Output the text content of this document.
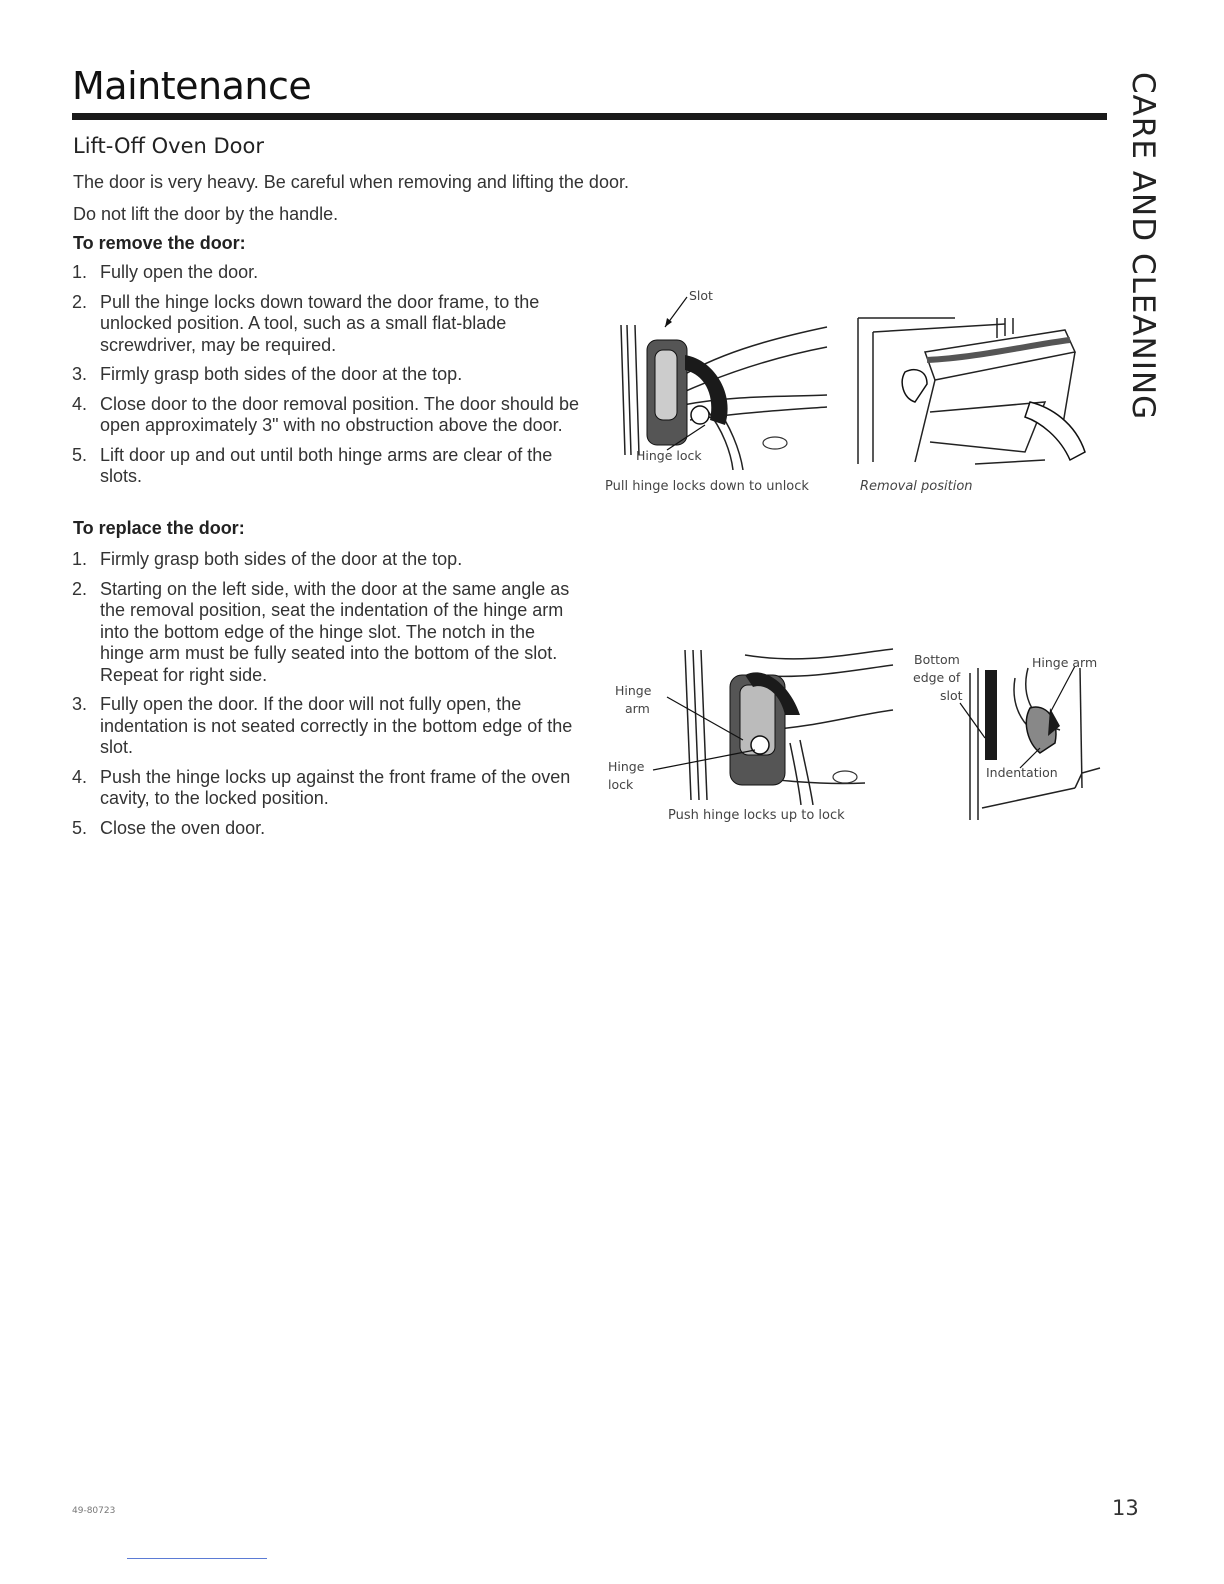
Maintenance	CARE AND CLEANING
Lift-Off Oven Door

The door is very heavy. Be careful when removing and lifting the door.

Do not lift the door by the handle.

To remove the door:

1. Fully open the door.
2. Pull the hinge locks down toward the door frame, to the unlocked position. A tool, such as a small flat-blade screwdriver, may be required.
3. Firmly grasp both sides of the door at the top.
4. Close door to the door removal position. The door should be open approximately 3" with no obstruction above the door.
5. Lift door up and out until both hinge arms are clear of the slots.

To replace the door:

1. Firmly grasp both sides of the door at the top.
2. Starting on the left side, with the door at the same angle as the removal position, seat the indentation of the hinge arm into the bottom edge of the hinge slot. The notch in the hinge arm must be fully seated into the bottom of the slot. Repeat for right side.
3. Fully open the door. If the door will not fully open, the indentation is not seated correctly in the bottom edge of the slot.
4. Push the hinge locks up against the front frame of the oven cavity, to the locked position.
5. Close the oven door.
Slot
Hinge lock
Pull hinge locks down to unlock	Removal position
Hinge
arm
Hinge
lock
Push hinge locks up to lock
Bottom
edge of
slot
Hinge arm
Indentation
49-80723	13
